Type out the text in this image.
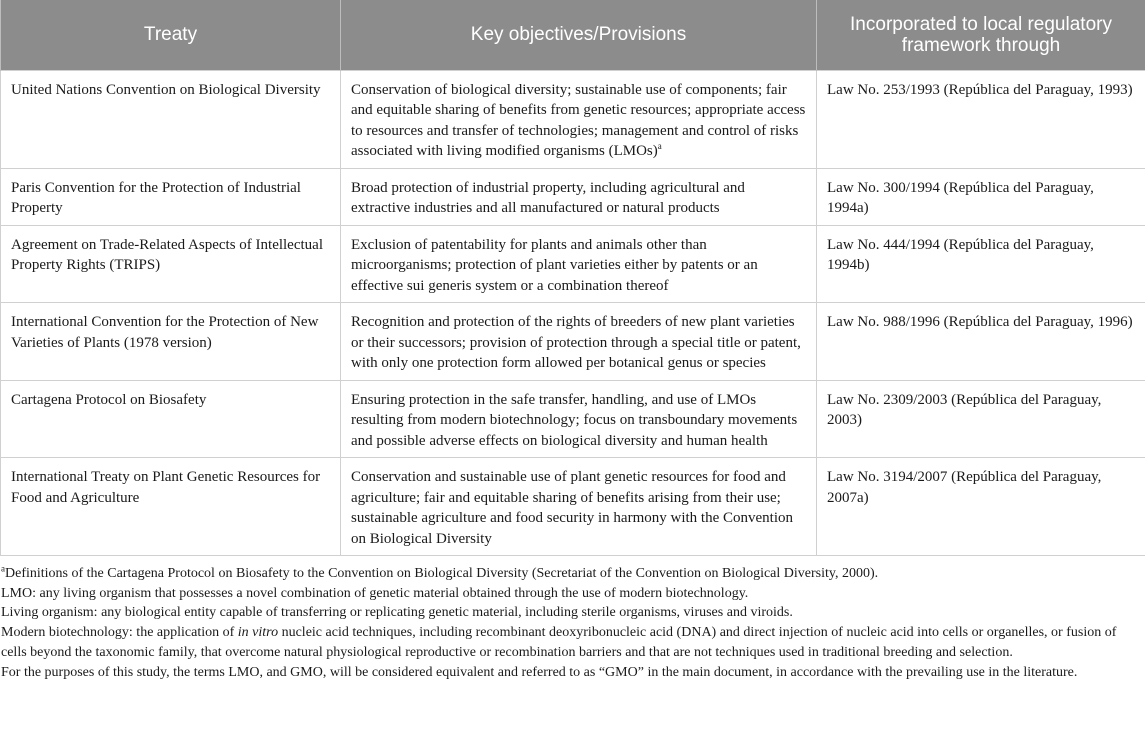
Treaty	Key objectives/Provisions	Incorporated to local regulatory framework through
United Nations Convention on Biological Diversity	Conservation of biological diversity; sustainable use of components; fair and equitable sharing of benefits from genetic resources; appropriate access to resources and transfer of technologies; management and control of risks associated with living modified organisms (LMOs)$^a$	Law No. 253/1993 (República del Paraguay, 1993)
Paris Convention for the Protection of Industrial Property	Broad protection of industrial property, including agricultural and extractive industries and all manufactured or natural products	Law No. 300/1994 (República del Paraguay, 1994a)
Agreement on Trade-Related Aspects of Intellectual Property Rights (TRIPS)	Exclusion of patentability for plants and animals other than microorganisms; protection of plant varieties either by patents or an effective sui generis system or a combination thereof	Law No. 444/1994 (República del Paraguay, 1994b)
International Convention for the Protection of New Varieties of Plants (1978 version)	Recognition and protection of the rights of breeders of new plant varieties or their successors; provision of protection through a special title or patent, with only one protection form allowed per botanical genus or species	Law No. 988/1996 (República del Paraguay, 1996)
Cartagena Protocol on Biosafety	Ensuring protection in the safe transfer, handling, and use of LMOs resulting from modern biotechnology; focus on transboundary movements and possible adverse effects on biological diversity and human health	Law No. 2309/2003 (República del Paraguay, 2003)
International Treaty on Plant Genetic Resources for Food and Agriculture	Conservation and sustainable use of plant genetic resources for food and agriculture; fair and equitable sharing of benefits arising from their use; sustainable agriculture and food security in harmony with the Convention on Biological Diversity	Law No. 3194/2007 (República del Paraguay, 2007a)

$^a$Definitions of the Cartagena Protocol on Biosafety to the Convention on Biological Diversity (Secretariat of the Convention on Biological Diversity, 2000).

LMO: any living organism that possesses a novel combination of genetic material obtained through the use of modern biotechnology.

Living organism: any biological entity capable of transferring or replicating genetic material, including sterile organisms, viruses and viroids.

Modern biotechnology: the application of in vitro nucleic acid techniques, including recombinant deoxyribonucleic acid (DNA) and direct injection of nucleic acid into cells or organelles, or fusion of cells beyond the taxonomic family, that overcome natural physiological reproductive or recombination barriers and that are not techniques used in traditional breeding and selection.

For the purposes of this study, the terms LMO, and GMO, will be considered equivalent and referred to as “GMO” in the main document, in accordance with the prevailing use in the literature.
